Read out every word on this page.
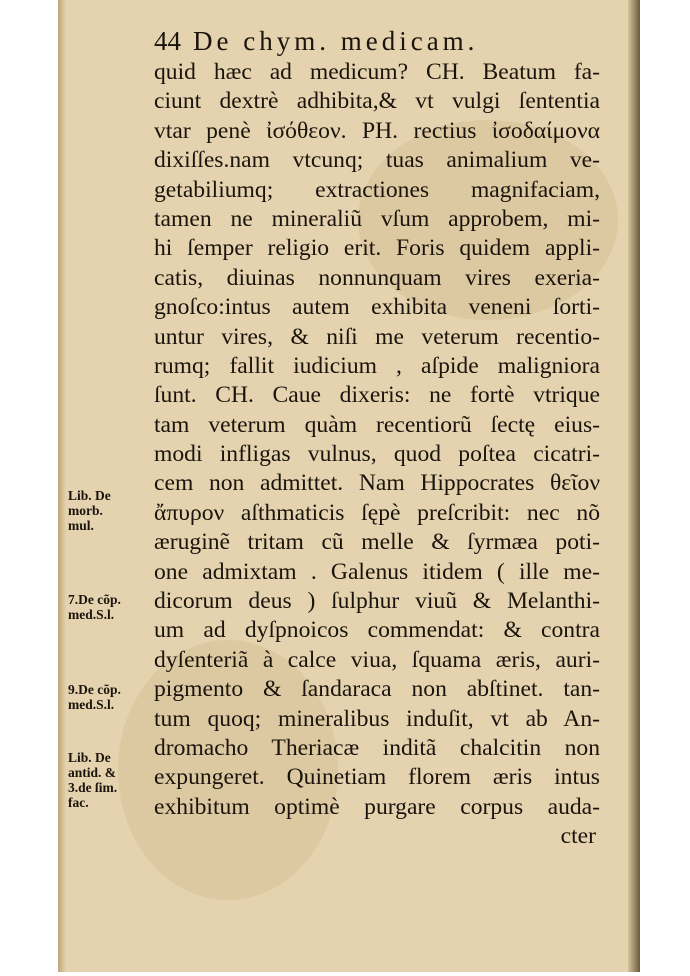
44 De chym. medicam.
quid hæc ad medicum? CH. Beatum fa-
ciunt dextrè adhibita,& vt vulgi ſententia
vtar penè ἰσόθεον. PH. rectius ἰσοδαίμονα
dixiſſes.nam vtcunq; tuas animalium ve-
getabiliumq; extractiones magnifaciam,
tamen ne mineraliũ vſum approbem, mi-
hi ſemper religio erit. Foris quidem appli-
catis, diuinas nonnunquam vires exeria-
gnoſco:intus autem exhibita veneni ſorti-
untur vires, & niſi me veterum recentio-
rumq; fallit iudicium , aſpide maligniora
ſunt. CH. Caue dixeris: ne fortè vtrique
tam veterum quàm recentiorũ ſectę eius-
modi infligas vulnus, quod poſtea cicatri-
cem non admittet. Nam Hippocrates θεῖον
ἄπυρον aſthmaticis ſępè preſcribit: nec nõ
æruginẽ tritam cũ melle & ſyrmæa poti-
one admixtam . Galenus itidem ( ille me-
dicorum deus ) ſulphur viuũ & Melanthi-
um ad dyſpnoicos commendat: & contra
dyſenteriã à calce viua, ſquama æris, auri-
pigmento & ſandaraca non abſtinet. tan-
tum quoq; mineralibus induſit, vt ab An-
dromacho Theriacæ inditã chalcitin non
expungeret. Quinetiam florem æris intus
exhibitum optimè purgare corpus auda-
cter
Lib. De
morb.
mul.
7.De cõp.
med.S.l.
9.De cõp.
med.S.l.
Lib. De
antid. &
3.de ſim.
fac.
